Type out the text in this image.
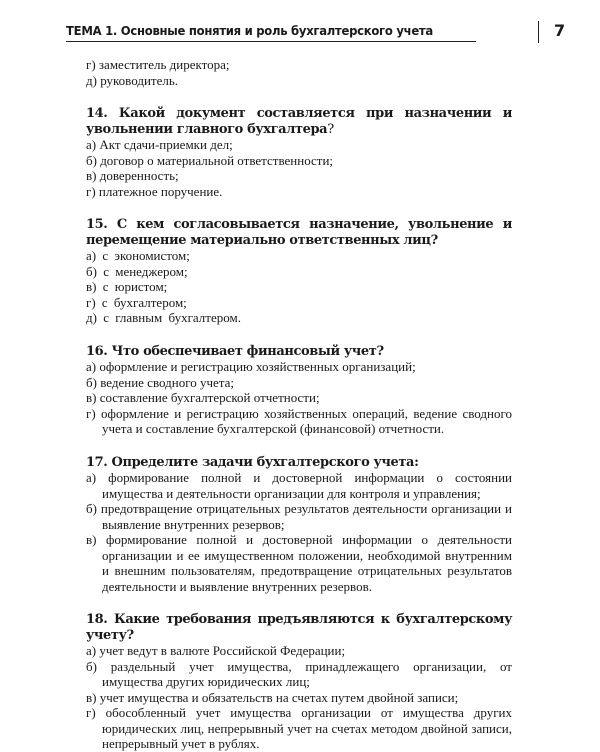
ТЕМА 1. Основные понятия и роль бухгалтерского учета	7
г) заместитель директора;
д) руководитель.
14. Какой документ составляется при назначении и увольнении главного бухгалтера?
а) Акт сдачи-приемки дел;
б) договор о материальной ответственности;
в) доверенность;
г) платежное поручение.
15. С кем согласовывается назначение, увольнение и перемещение материально ответственных лиц?
а) с экономистом;
б) с менеджером;
в) с юристом;
г) с бухгалтером;
д) с главным бухгалтером.
16. Что обеспечивает финансовый учет?
а) оформление и регистрацию хозяйственных организаций;
б) ведение сводного учета;
в) составление бухгалтерской отчетности;
г) оформление и регистрацию хозяйственных операций, ведение сводного учета и составление бухгалтерской (финансовой) отчетности.
17. Определите задачи бухгалтерского учета:
а) формирование полной и достоверной информации о состоянии имущества и деятельности организации для контроля и управления;
б) предотвращение отрицательных результатов деятельности организации и выявление внутренних резервов;
в) формирование полной и достоверной информации о деятельности организации и ее имущественном положении, необходимой внутренним и внешним пользователям, предотвращение отрицательных результатов деятельности и выявление внутренних резервов.
18. Какие требования предъявляются к бухгалтерскому учету?
а) учет ведут в валюте Российской Федерации;
б) раздельный учет имущества, принадлежащего организации, от имущества других юридических лиц;
в) учет имущества и обязательств на счетах путем двойной записи;
г) обособленный учет имущества организации от имущества других юридических лиц, непрерывный учет на счетах методом двойной записи, непрерывный учет в рублях.
